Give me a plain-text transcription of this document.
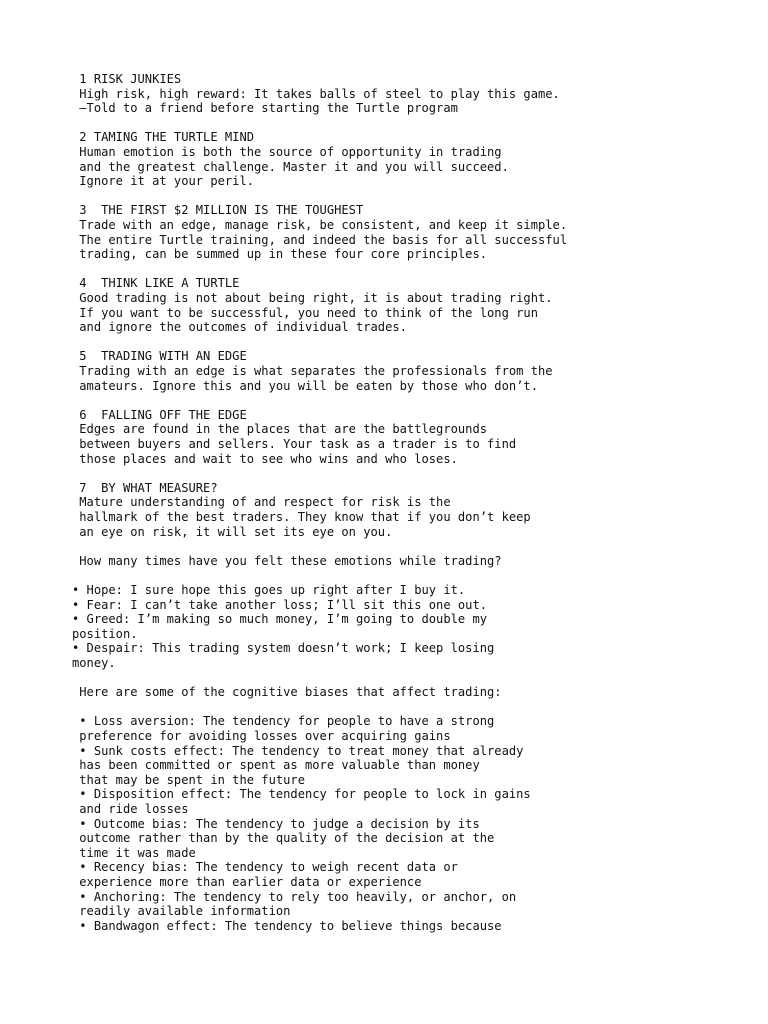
1 RISK JUNKIES
High risk, high reward: It takes balls of steel to play this game.
—Told to a friend before starting the Turtle program
2 TAMING THE TURTLE MIND
Human emotion is both the source of opportunity in trading
and the greatest challenge. Master it and you will succeed.
Ignore it at your peril.
3  THE FIRST $2 MILLION IS THE TOUGHEST
Trade with an edge, manage risk, be consistent, and keep it simple.
The entire Turtle training, and indeed the basis for all successful
trading, can be summed up in these four core principles.
4  THINK LIKE A TURTLE
Good trading is not about being right, it is about trading right.
If you want to be successful, you need to think of the long run
and ignore the outcomes of individual trades.
5  TRADING WITH AN EDGE
Trading with an edge is what separates the professionals from the
amateurs. Ignore this and you will be eaten by those who don’t.
6  FALLING OFF THE EDGE
Edges are found in the places that are the battlegrounds
between buyers and sellers. Your task as a trader is to find
those places and wait to see who wins and who loses.
7  BY WHAT MEASURE?
Mature understanding of and respect for risk is the
hallmark of the best traders. They know that if you don’t keep
an eye on risk, it will set its eye on you.
How many times have you felt these emotions while trading?
• Hope: I sure hope this goes up right after I buy it.
• Fear: I can’t take another loss; I’ll sit this one out.
• Greed: I’m making so much money, I’m going to double my
position.
• Despair: This trading system doesn’t work; I keep losing
money.
Here are some of the cognitive biases that affect trading:
• Loss aversion: The tendency for people to have a strong
preference for avoiding losses over acquiring gains
• Sunk costs effect: The tendency to treat money that already
has been committed or spent as more valuable than money
that may be spent in the future
• Disposition effect: The tendency for people to lock in gains
and ride losses
• Outcome bias: The tendency to judge a decision by its
outcome rather than by the quality of the decision at the
time it was made
• Recency bias: The tendency to weigh recent data or
experience more than earlier data or experience
• Anchoring: The tendency to rely too heavily, or anchor, on
readily available information
• Bandwagon effect: The tendency to believe things because
